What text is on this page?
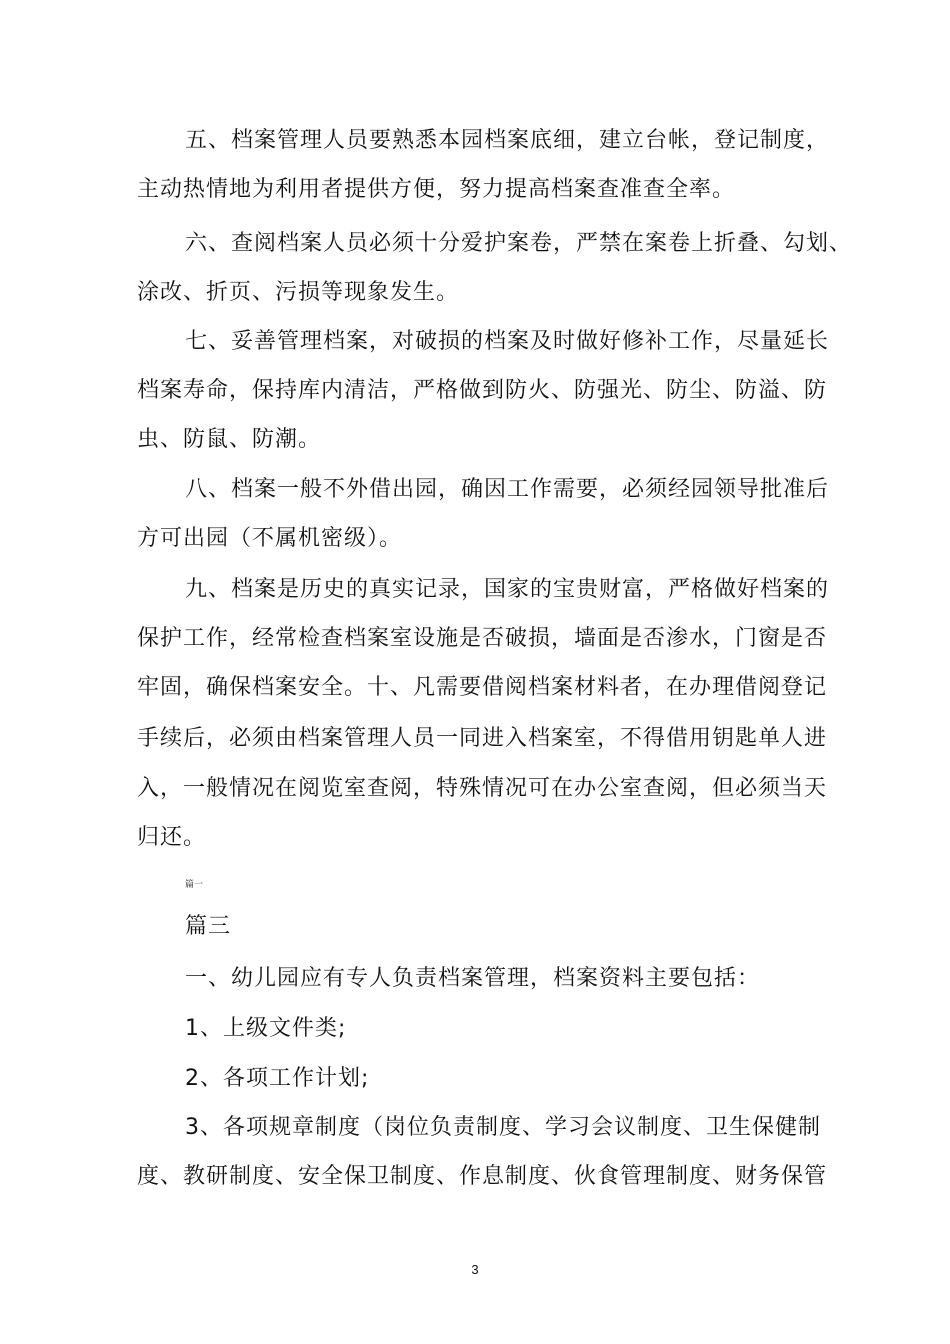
五、档案管理人员要熟悉本园档案底细，建立台帐，登记制度，
主动热情地为利用者提供方便，努力提高档案查准查全率。
六、查阅档案人员必须十分爱护案卷，严禁在案卷上折叠、勾划、
涂改、折页、污损等现象发生。
七、妥善管理档案，对破损的档案及时做好修补工作，尽量延长
档案寿命，保持库内清洁，严格做到防火、防强光、防尘、防溢、防
虫、防鼠、防潮。
八、档案一般不外借出园，确因工作需要，必须经园领导批准后
方可出园（不属机密级）。
九、档案是历史的真实记录，国家的宝贵财富，严格做好档案的
保护工作，经常检查档案室设施是否破损，墙面是否渗水，门窗是否
牢固，确保档案安全。十、凡需要借阅档案材料者，在办理借阅登记
手续后，必须由档案管理人员一同进入档案室，不得借用钥匙单人进
入，一般情况在阅览室查阅，特殊情况可在办公室查阅，但必须当天
归还。
篇一
篇三
一、幼儿园应有专人负责档案管理，档案资料主要包括：
1、上级文件类;
2、各项工作计划;
3、各项规章制度（岗位负责制度、学习会议制度、卫生保健制
度、教研制度、安全保卫制度、作息制度、伙食管理制度、财务保管
3
